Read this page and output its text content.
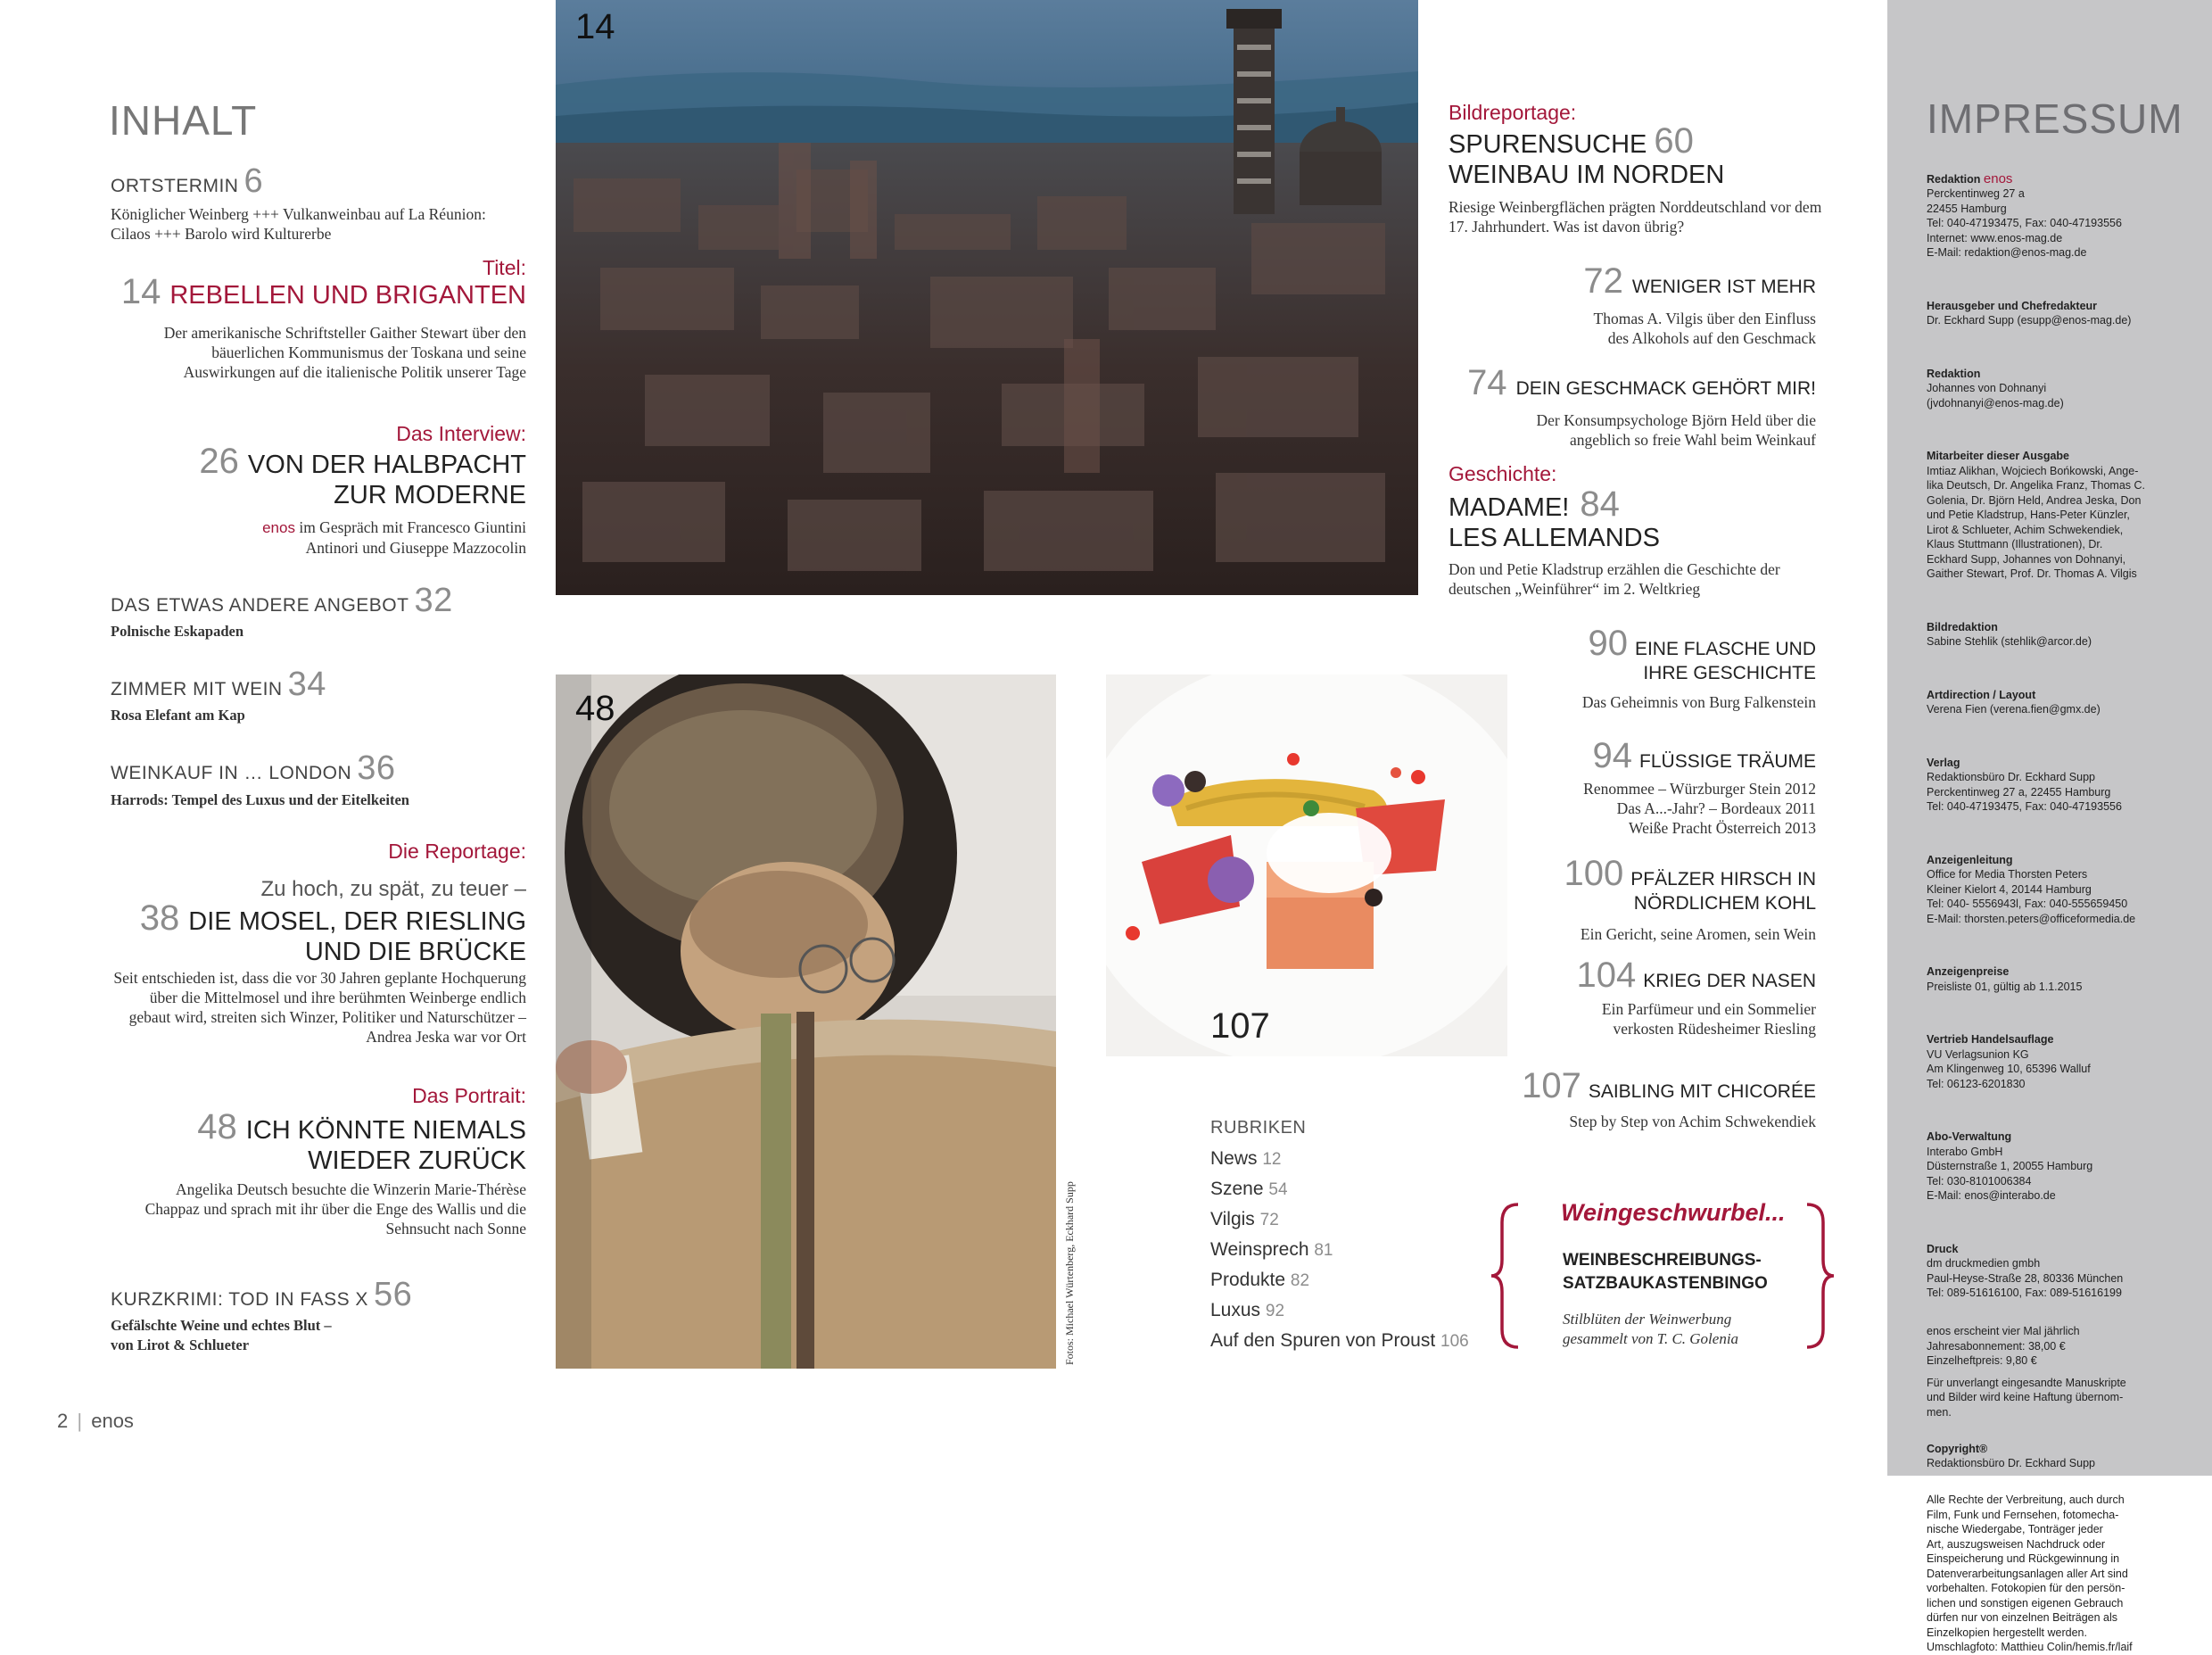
INHALT
ORTSTERMIN 6
Königlicher Weinberg +++ Vulkanweinbau auf La Réunion: Cilaos +++ Barolo wird Kulturerbe
Titel:
14 REBELLEN UND BRIGANTEN
Der amerikanische Schriftsteller Gaither Stewart über den bäuerlichen Kommunismus der Toskana und seine Auswirkungen auf die italienische Politik unserer Tage
Das Interview:
26 VON DER HALBPACHT
ZUR MODERNE
enos im Gespräch mit Francesco Giuntini
Antinori und Giuseppe Mazzocolin
DAS ETWAS ANDERE ANGEBOT 32
Polnische Eskapaden
ZIMMER MIT WEIN 34
Rosa Elefant am Kap
WEINKAUF IN … LONDON 36
Harrods: Tempel des Luxus und der Eitelkeiten
Die Reportage:
Zu hoch, zu spät, zu teuer –
38 DIE MOSEL, DER RIESLING
UND DIE BRÜCKE
Seit entschieden ist, dass die vor 30 Jahren geplante Hochquerung über die Mittelmosel und ihre berühmten Weinberge endlich gebaut wird, streiten sich Winzer, Politiker und Naturschützer – Andrea Jeska war vor Ort
Das Portrait:
48 ICH KÖNNTE NIEMALS
WIEDER ZURÜCK
Angelika Deutsch besuchte die Winzerin Marie-Thérèse Chappaz und sprach mit ihr über die Enge des Wallis und die Sehnsucht nach Sonne
KURZKRIMI: TOD IN FASS X 56
Gefälschte Weine und echtes Blut –
von Lirot & Schlueter
2 | enos
14
48
Fotos: Michael Würtenberg, Eckhard Supp
107
Bildreportage:
SPURENSUCHE 60
WEINBAU IM NORDEN
Riesige Weinbergflächen prägten Norddeutschland vor dem 17. Jahrhundert. Was ist davon übrig?
72 WENIGER IST MEHR
Thomas A. Vilgis über den Einfluss
des Alkohols auf den Geschmack
74 DEIN GESCHMACK GEHÖRT MIR!
Der Konsumpsychologe Björn Held über die
angeblich so freie Wahl beim Weinkauf
Geschichte:
MADAME! 84
LES ALLEMANDS
Don und Petie Kladstrup erzählen die Geschichte der deutschen „Weinführer“ im 2. Weltkrieg
90 EINE FLASCHE UND
IHRE GESCHICHTE
Das Geheimnis von Burg Falkenstein
94 FLÜSSIGE TRÄUME
Renommee – Würzburger Stein 2012
Das A...-Jahr? – Bordeaux 2011
Weiße Pracht Österreich 2013
100 PFÄLZER HIRSCH IN
NÖRDLICHEM KOHL
Ein Gericht, seine Aromen, sein Wein
104 KRIEG DER NASEN
Ein Parfümeur und ein Sommelier
verkosten Rüdesheimer Riesling
107 SAIBLING MIT CHICORÉE
Step by Step von Achim Schwekendiek
RUBRIKEN
News 12
Szene 54
Vilgis 72
Weinsprech 81
Produkte 82
Luxus 92
Auf den Spuren von Proust 106
Weingeschwurbel...
WEINBESCHREIBUNGS-
SATZBAUKASTENBINGO
Stilblüten der Weinwerbung
gesammelt von T. C. Golenia
IMPRESSUM

Redaktion enos

Perckentinweg 27 a
22455 Hamburg
Tel: 040-47193475, Fax: 040-47193556
Internet: www.enos-mag.de
E-Mail: redaktion@enos-mag.de

Herausgeber und Chefredakteur

Dr. Eckhard Supp (esupp@enos-mag.de)

Redaktion

Johannes von Dohnanyi
(jvdohnanyi@enos-mag.de)

Mitarbeiter dieser Ausgabe

Imtiaz Alikhan, Wojciech Bońkowski, Ange-
lika Deutsch, Dr. Angelika Franz, Thomas C.
Golenia, Dr. Björn Held, Andrea Jeska, Don
und Petie Kladstrup, Hans-Peter Künzler,
Lirot & Schlueter, Achim Schwekendiek,
Klaus Stuttmann (Illustrationen), Dr.
Eckhard Supp, Johannes von Dohnanyi,
Gaither Stewart, Prof. Dr. Thomas A. Vilgis

Bildredaktion

Sabine Stehlik (stehlik@arcor.de)

Artdirection / Layout

Verena Fien (verena.fien@gmx.de)

Verlag

Redaktionsbüro Dr. Eckhard Supp
Perckentinweg 27 a, 22455 Hamburg
Tel: 040-47193475, Fax: 040-47193556

Anzeigenleitung

Office for Media Thorsten Peters
Kleiner Kielort 4, 20144 Hamburg
Tel: 040- 5556943l, Fax: 040-555659450
E-Mail: thorsten.peters@officeformedia.de

Anzeigenpreise

Preisliste 01, gültig ab 1.1.2015

Vertrieb Handelsauflage

VU Verlagsunion KG
Am Klingenweg 10, 65396 Walluf
Tel: 06123-6201830

Abo-Verwaltung

Interabo GmbH
Düsternstraße 1, 20055 Hamburg
Tel: 030-8101006384
E-Mail: enos@interabo.de

Druck

dm druckmedien gmbh
Paul-Heyse-Straße 28, 80336 München
Tel: 089-51616100, Fax: 089-51616199

enos erscheint vier Mal jährlich
Jahresabonnement: 38,00 €
Einzelheftpreis: 9,80 €
Für unverlangt eingesandte Manuskripte
und Bilder wird keine Haftung übernom-
men.

Copyright®

Redaktionsbüro Dr. Eckhard Supp

Alle Rechte der Verbreitung, auch durch
Film, Funk und Fernsehen, fotomecha-
nische Wiedergabe, Tonträger jeder
Art, auszugsweisen Nachdruck oder
Einspeicherung und Rückgewinnung in
Datenverarbeitungsanlagen aller Art sind
vorbehalten. Fotokopien für den persön-
lichen und sonstigen eigenen Gebrauch
dürfen nur von einzelnen Beiträgen als
Einzelkopien hergestellt werden.
Umschlagfoto: Matthieu Colin/hemis.fr/laif
